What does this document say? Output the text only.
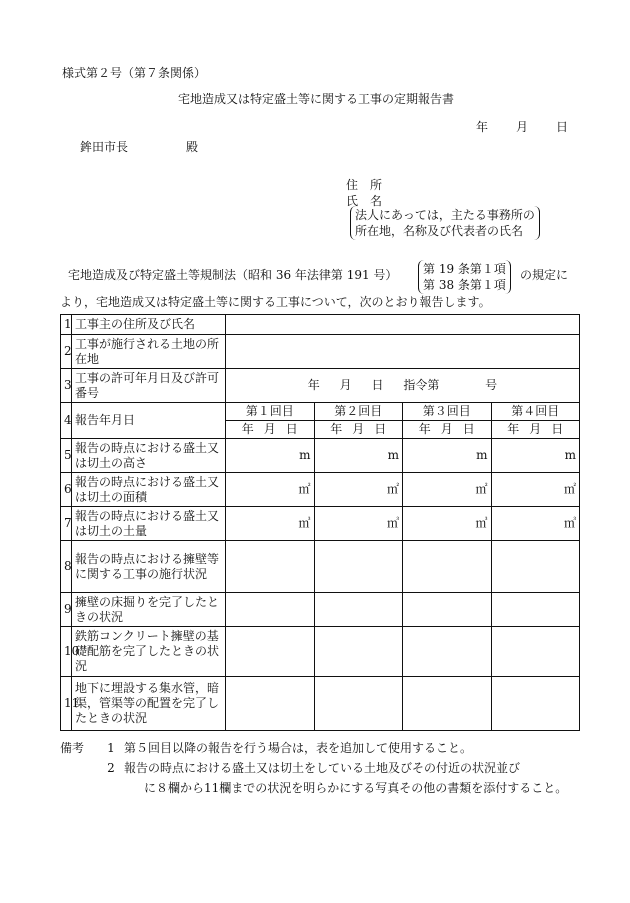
様式第２号（第７条関係）
宅地造成又は特定盛土等に関する工事の定期報告書
年 月 日
鉾田市長	殿
住　所
氏　名
法人にあっては，主たる事務所の
所在地，名称及び代表者の氏名
宅地造成及び特定盛土等規制法（昭和 36 年法律第 191 号） 第 19 条第１項
第 38 条第１項
の規定に
より，宅地造成又は特定盛土等に関する工事について，次のとおり報告します。
1	工事主の住所及び氏名				
2	工事が施行される土地の所在地				
3	工事の許可年月日及び許可番号	年 月 日 指令第 号			
4	報告年月日	第１回目	第２回目	第３回目	第４回目
		年 月 日	年 月 日	年 月 日	年 月 日
5	報告の時点における盛土又は切土の高さ	m	m	m	m
6	報告の時点における盛土又は切土の面積	㎡	㎡	㎡	㎡
7	報告の時点における盛土又は切土の土量	㎥	㎥	㎥	㎥
8	報告の時点における擁壁等に関する工事の施行状況				
9	擁壁の床掘りを完了したときの状況				
10	鉄筋コンクリート擁壁の基礎配筋を完了したときの状況				
11	地下に埋設する集水管，暗渠，管渠等の配置を完了したときの状況				
備考 1 第５回目以降の報告を行う場合は，表を追加して使用すること。
2 報告の時点における盛土又は切土をしている土地及びその付近の状況並び
に８欄から11欄までの状況を明らかにする写真その他の書類を添付すること。
